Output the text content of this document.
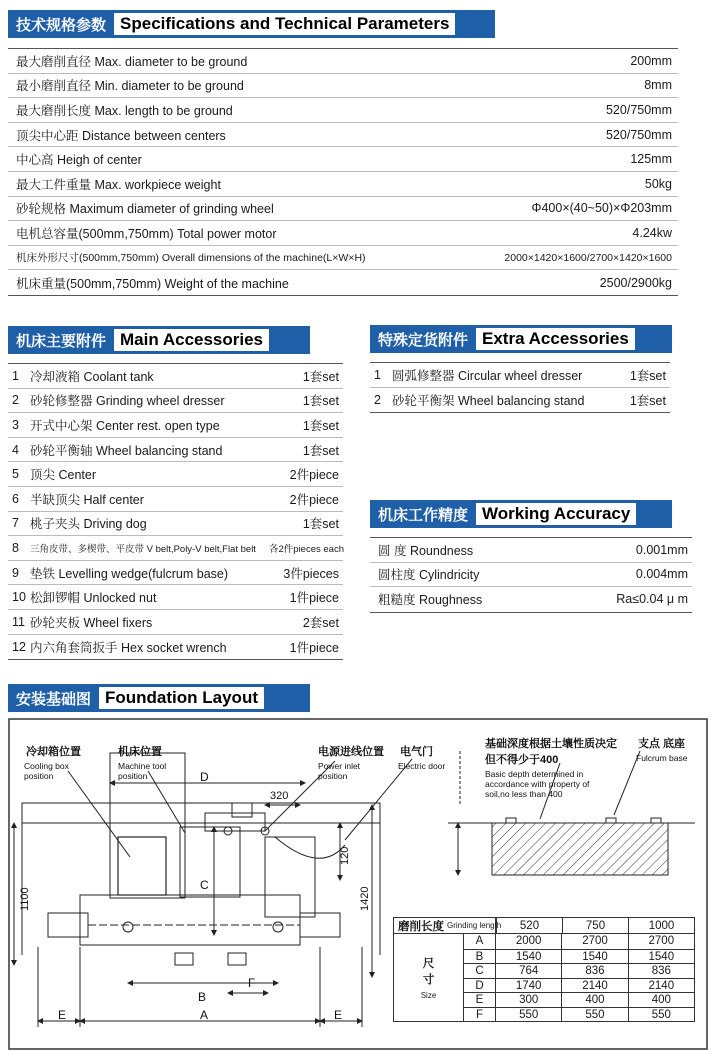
技术规格参数 Specifications and Technical Parameters
最大磨削直径 Max. diameter to be ground	200mm
最小磨削直径 Min. diameter to be ground	8mm
最大磨削长度 Max. length to be ground	520/750mm
顶尖中心距 Distance between centers	520/750mm
中心高 Heigh of center	125mm
最大工件重量 Max. workpiece weight	50kg
砂轮规格 Maximum diameter of grinding wheel	Φ400×(40~50)×Φ203mm
电机总容量(500mm,750mm) Total power motor	4.24kw
机床外形尺寸(500mm,750mm) Overall dimensions of the machine(L×W×H)	2000×1420×1600/2700×1420×1600
机床重量(500mm,750mm) Weight of the machine	2500/2900kg
机床主要附件 Main Accessories
1 冷却液箱 Coolant tank	1套set
2 砂轮修整器 Grinding wheel dresser	1套set
3 开式中心架 Center rest. open type	1套set
4 砂轮平衡轴 Wheel balancing stand	1套set
5 顶尖 Center	2件piece
6 半缺顶尖 Half center	2件piece
7 桃子夹头 Driving dog	1套set
8	三角皮带、多楔带、平皮带 V belt,Poly-V belt,Flat belt	各2件pieces each
9 垫铁 Levelling wedge(fulcrum base)	3件pieces
10 松卸锣帽 Unlocked nut	1件piece
11 砂轮夹板 Wheel fixers	2套set
12 内六角套筒扳手 Hex socket wrench	1件piece
特殊定货附件 Extra Accessories
1 圆弧修整器 Circular wheel dresser	1套set
2 砂轮平衡架 Wheel balancing stand	1套set
机床工作精度 Working Accuracy
圆 度 Roundness	0.001mm
圆柱度 Cylindricity	0.004mm
粗糙度 Roughness	Ra≤0.04 μ m
安装基础图 Foundation Layout
冷却箱位置
Cooling box
position
机床位置
Machine tool
position
电源进线位置
Power inlet
position
电气门
Electric door
基础深度根据土壤性质决定
但不得少于400
Basic depth determined in
accordance with property of
soil,no less than 400
支点 底座
Fulcrum base
D
320
120
1100	1420
C
B
F
A
E	E
磨削长度 Grinding length	520	750	1000
尺
寸
Size
A	2000	2700	2700
B	1540	1540	1540
C	764	836	836
D	1740	2140	2140
E	300	400	400
F	550	550	550
